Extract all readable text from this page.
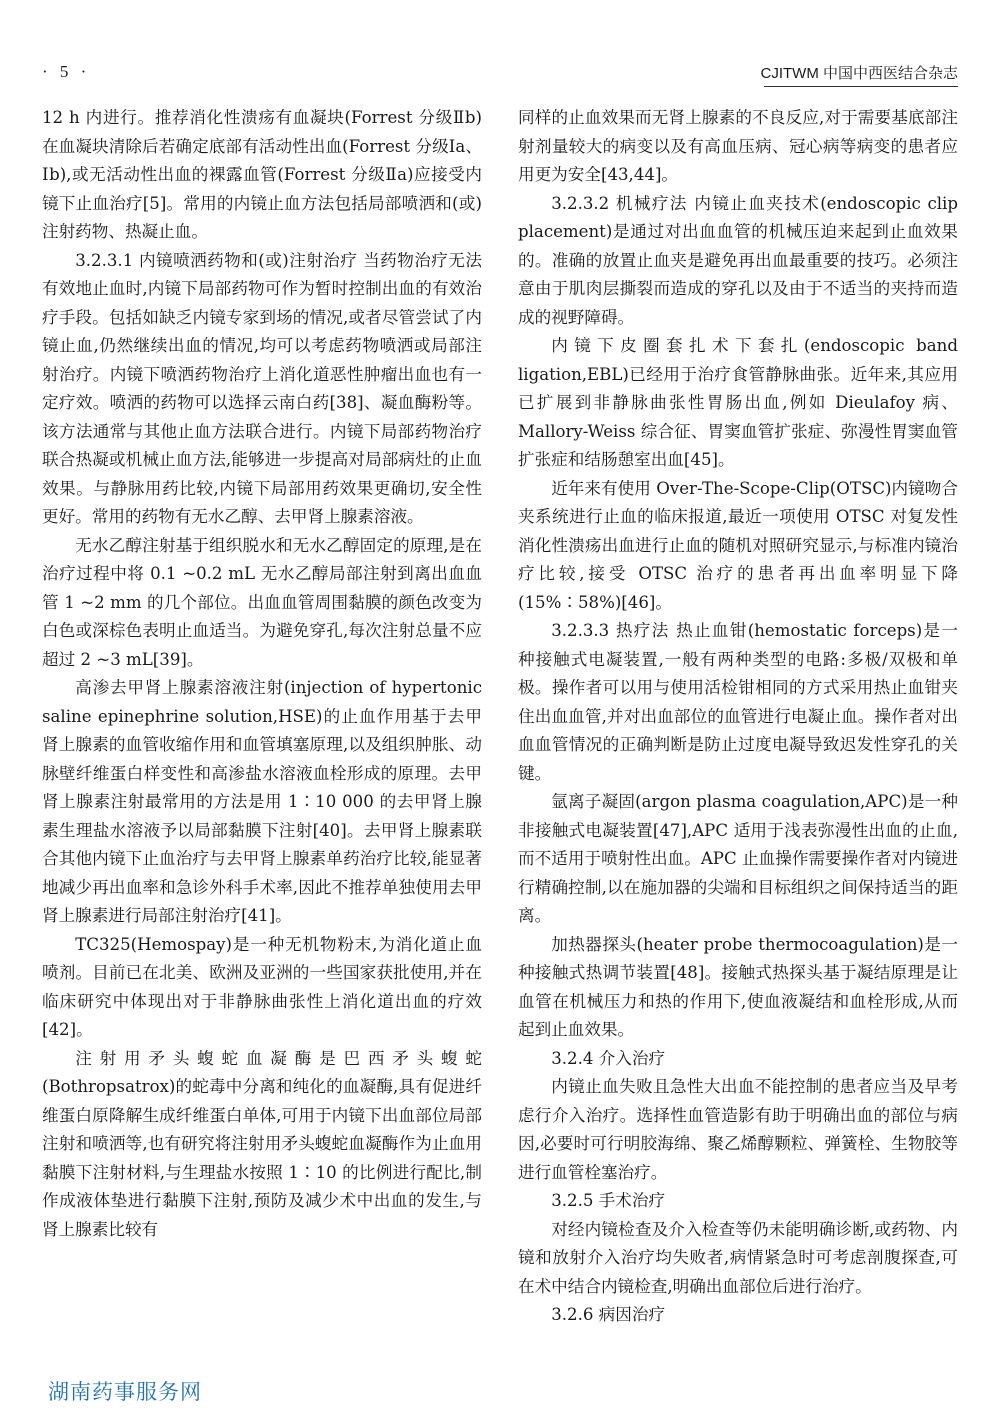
· 5 ·	CJITWM 中国中西医结合杂志

12 h 内进行。推荐消化性溃疡有血凝块(Forrest 分级Ⅱb)在血凝块清除后若确定底部有活动性出血(Forrest 分级Ⅰa、Ⅰb),或无活动性出血的裸露血管(Forrest 分级Ⅱa)应接受内镜下止血治疗[5]。常用的内镜止血方法包括局部喷洒和(或)注射药物、热凝止血。

3.2.3.1 内镜喷洒药物和(或)注射治疗 当药物治疗无法有效地止血时,内镜下局部药物可作为暂时控制出血的有效治疗手段。包括如缺乏内镜专家到场的情况,或者尽管尝试了内镜止血,仍然继续出血的情况,均可以考虑药物喷洒或局部注射治疗。内镜下喷洒药物治疗上消化道恶性肿瘤出血也有一定疗效。喷洒的药物可以选择云南白药[38]、凝血酶粉等。该方法通常与其他止血方法联合进行。内镜下局部药物治疗联合热凝或机械止血方法,能够进一步提高对局部病灶的止血效果。与静脉用药比较,内镜下局部用药效果更确切,安全性更好。常用的药物有无水乙醇、去甲肾上腺素溶液。

无水乙醇注射基于组织脱水和无水乙醇固定的原理,是在治疗过程中将 0.1 ~0.2 mL 无水乙醇局部注射到离出血血管 1 ~2 mm 的几个部位。出血血管周围黏膜的颜色改变为白色或深棕色表明止血适当。为避免穿孔,每次注射总量不应超过 2 ~3 mL[39]。

高渗去甲肾上腺素溶液注射(injection of hypertonic saline epinephrine solution,HSE)的止血作用基于去甲肾上腺素的血管收缩作用和血管填塞原理,以及组织肿胀、动脉壁纤维蛋白样变性和高渗盐水溶液血栓形成的原理。去甲肾上腺素注射最常用的方法是用 1∶10 000 的去甲肾上腺素生理盐水溶液予以局部黏膜下注射[40]。去甲肾上腺素联合其他内镜下止血治疗与去甲肾上腺素单药治疗比较,能显著地减少再出血率和急诊外科手术率,因此不推荐单独使用去甲肾上腺素进行局部注射治疗[41]。

TC325(Hemospay)是一种无机物粉末,为消化道止血喷剂。目前已在北美、欧洲及亚洲的一些国家获批使用,并在临床研究中体现出对于非静脉曲张性上消化道出血的疗效[42]。

注射用矛头蝮蛇血凝酶是巴西矛头蝮蛇(Bothropsatrox)的蛇毒中分离和纯化的血凝酶,具有促进纤维蛋白原降解生成纤维蛋白单体,可用于内镜下出血部位局部注射和喷洒等,也有研究将注射用矛头蝮蛇血凝酶作为止血用黏膜下注射材料,与生理盐水按照 1∶10 的比例进行配比,制作成液体垫进行黏膜下注射,预防及减少术中出血的发生,与肾上腺素比较有

同样的止血效果而无肾上腺素的不良反应,对于需要基底部注射剂量较大的病变以及有高血压病、冠心病等病变的患者应用更为安全[43,44]。

3.2.3.2 机械疗法 内镜止血夹技术(endoscopic clip placement)是通过对出血血管的机械压迫来起到止血效果的。准确的放置止血夹是避免再出血最重要的技巧。必须注意由于肌肉层撕裂而造成的穿孔以及由于不适当的夹持而造成的视野障碍。

内镜下皮圈套扎术下套扎(endoscopic band ligation,EBL)已经用于治疗食管静脉曲张。近年来,其应用已扩展到非静脉曲张性胃肠出血,例如 Dieulafoy 病、Mallory-Weiss 综合征、胃窦血管扩张症、弥漫性胃窦血管扩张症和结肠憩室出血[45]。

近年来有使用 Over-The-Scope-Clip(OTSC)内镜吻合夹系统进行止血的临床报道,最近一项使用 OTSC 对复发性消化性溃疡出血进行止血的随机对照研究显示,与标准内镜治疗比较,接受 OTSC 治疗的患者再出血率明显下降(15%∶58%)[46]。

3.2.3.3 热疗法 热止血钳(hemostatic forceps)是一种接触式电凝装置,一般有两种类型的电路:多极/双极和单极。操作者可以用与使用活检钳相同的方式采用热止血钳夹住出血血管,并对出血部位的血管进行电凝止血。操作者对出血血管情况的正确判断是防止过度电凝导致迟发性穿孔的关键。

氩离子凝固(argon plasma coagulation,APC)是一种非接触式电凝装置[47],APC 适用于浅表弥漫性出血的止血,而不适用于喷射性出血。APC 止血操作需要操作者对内镜进行精确控制,以在施加器的尖端和目标组织之间保持适当的距离。

加热器探头(heater probe thermocoagulation)是一种接触式热调节装置[48]。接触式热探头基于凝结原理是让血管在机械压力和热的作用下,使血液凝结和血栓形成,从而起到止血效果。

3.2.4 介入治疗

内镜止血失败且急性大出血不能控制的患者应当及早考虑行介入治疗。选择性血管造影有助于明确出血的部位与病因,必要时可行明胶海绵、聚乙烯醇颗粒、弹簧栓、生物胶等进行血管栓塞治疗。

3.2.5 手术治疗

对经内镜检查及介入检查等仍未能明确诊断,或药物、内镜和放射介入治疗均失败者,病情紧急时可考虑剖腹探查,可在术中结合内镜检查,明确出血部位后进行治疗。

3.2.6 病因治疗

湖南药事服务网
